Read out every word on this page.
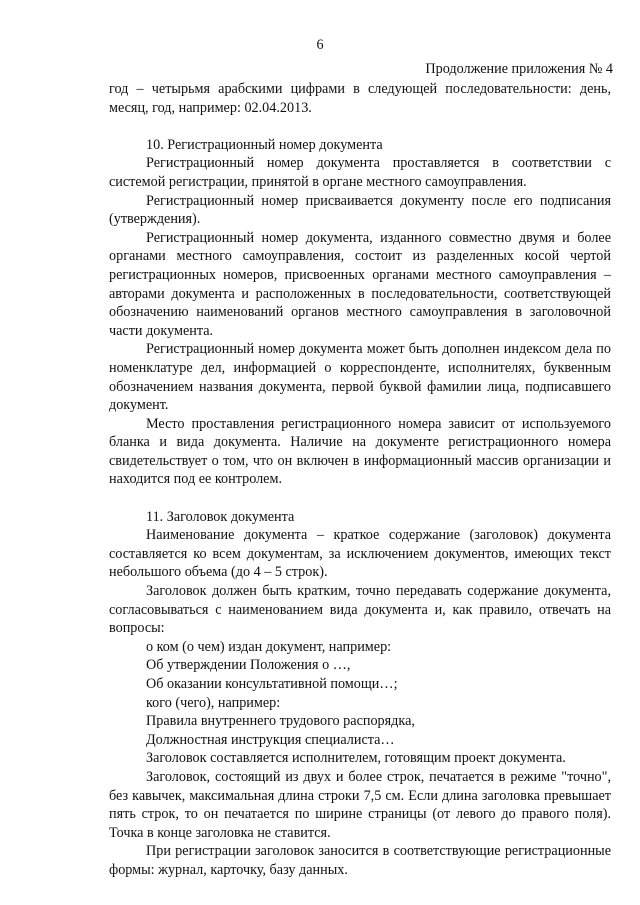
6
Продолжение приложения № 4

год – четырьмя арабскими цифрами в следующей последовательности: день, месяц, год, например: 02.04.2013.

10. Регистрационный номер документа

Регистрационный номер документа проставляется в соответствии с системой регистрации, принятой в органе местного самоуправления.

Регистрационный номер присваивается документу после его подписания (утверждения).

Регистрационный номер документа, изданного совместно двумя и более органами местного самоуправления, состоит из разделенных косой чертой регистрационных номеров, присвоенных органами местного самоуправления – авторами документа и расположенных в последовательности, соответствующей обозначению наименований органов местного самоуправления в заголовочной части документа.

Регистрационный номер документа может быть дополнен индексом дела по номенклатуре дел, информацией о корреспонденте, исполнителях, буквенным обозначением названия документа, первой буквой фамилии лица, подписавшего документ.

Место проставления регистрационного номера зависит от используемого бланка и вида документа. Наличие на документе регистрационного номера свидетельствует о том, что он включен в информационный массив организации и находится под ее контролем.

11. Заголовок документа

Наименование документа – краткое содержание (заголовок) документа составляется ко всем документам, за исключением документов, имеющих текст небольшого объема (до 4 – 5 строк).

Заголовок должен быть кратким, точно передавать содержание документа, согласовываться с наименованием вида документа и, как правило, отвечать на вопросы:

о ком (о чем) издан документ, например:

Об утверждении Положения о …,

Об оказании консультативной помощи…;

кого (чего), например:

Правила внутреннего трудового распорядка,

Должностная инструкция специалиста…

Заголовок составляется исполнителем, готовящим проект документа.

Заголовок, состоящий из двух и более строк, печатается в режиме "точно", без кавычек, максимальная длина строки 7,5 см. Если длина заголовка превышает пять строк, то он печатается по ширине страницы (от левого до правого поля). Точка в конце заголовка не ставится.

При регистрации заголовок заносится в соответствующие регистрационные формы: журнал, карточку, базу данных.
